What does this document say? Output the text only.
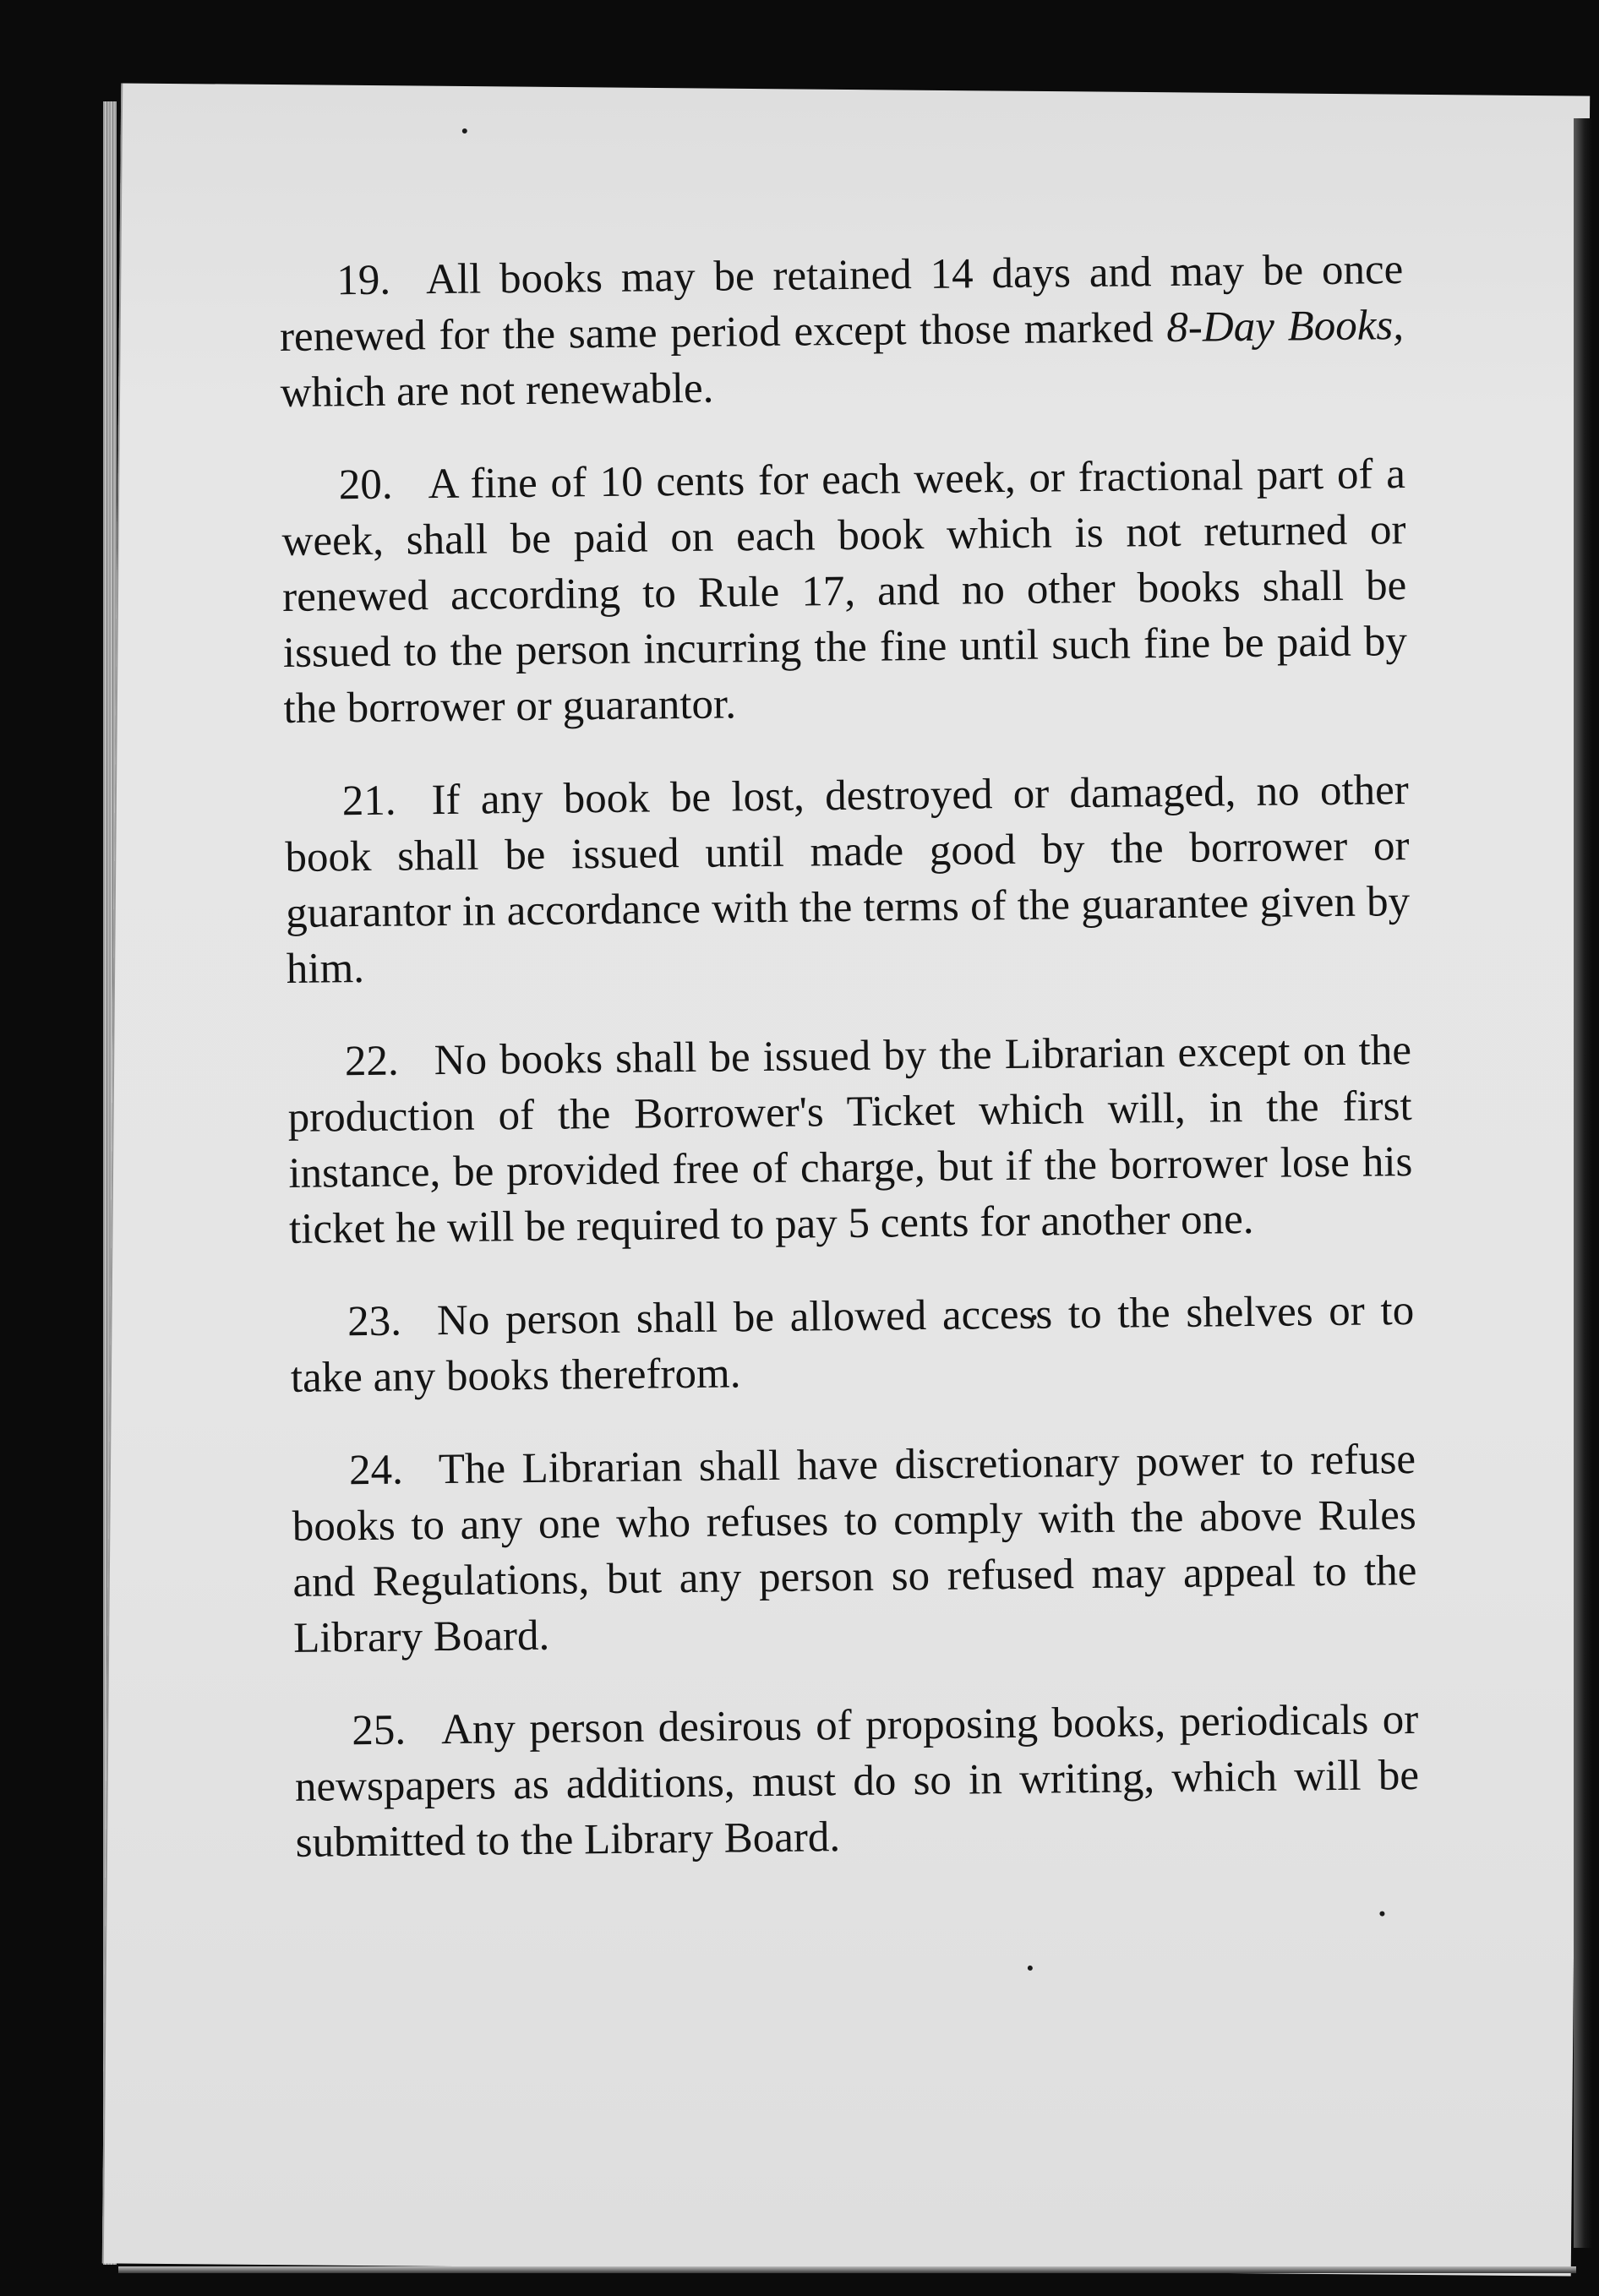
19. All books may be retained 14 days and may be once renewed for the same period except those marked 8-Day Books, which are not renewable.

20. A fine of 10 cents for each week, or fractional part of a week, shall be paid on each book which is not returned or renewed according to Rule 17, and no other books shall be issued to the person incurring the fine until such fine be paid by the borrower or guarantor.

21. If any book be lost, destroyed or damaged, no other book shall be issued until made good by the borrower or guarantor in accordance with the terms of the guarantee given by him.

22. No books shall be issued by the Librarian except on the production of the Borrower's Ticket which will, in the first instance, be provided free of charge, but if the borrower lose his ticket he will be required to pay 5 cents for another one.

23. No person shall be allowed access to the shelves or to take any books therefrom.

24. The Librarian shall have discretionary power to refuse books to any one who refuses to comply with the above Rules and Regulations, but any person so refused may appeal to the Library Board.

25. Any person desirous of proposing books, periodicals or newspapers as additions, must do so in writing, which will be submitted to the Library Board.
